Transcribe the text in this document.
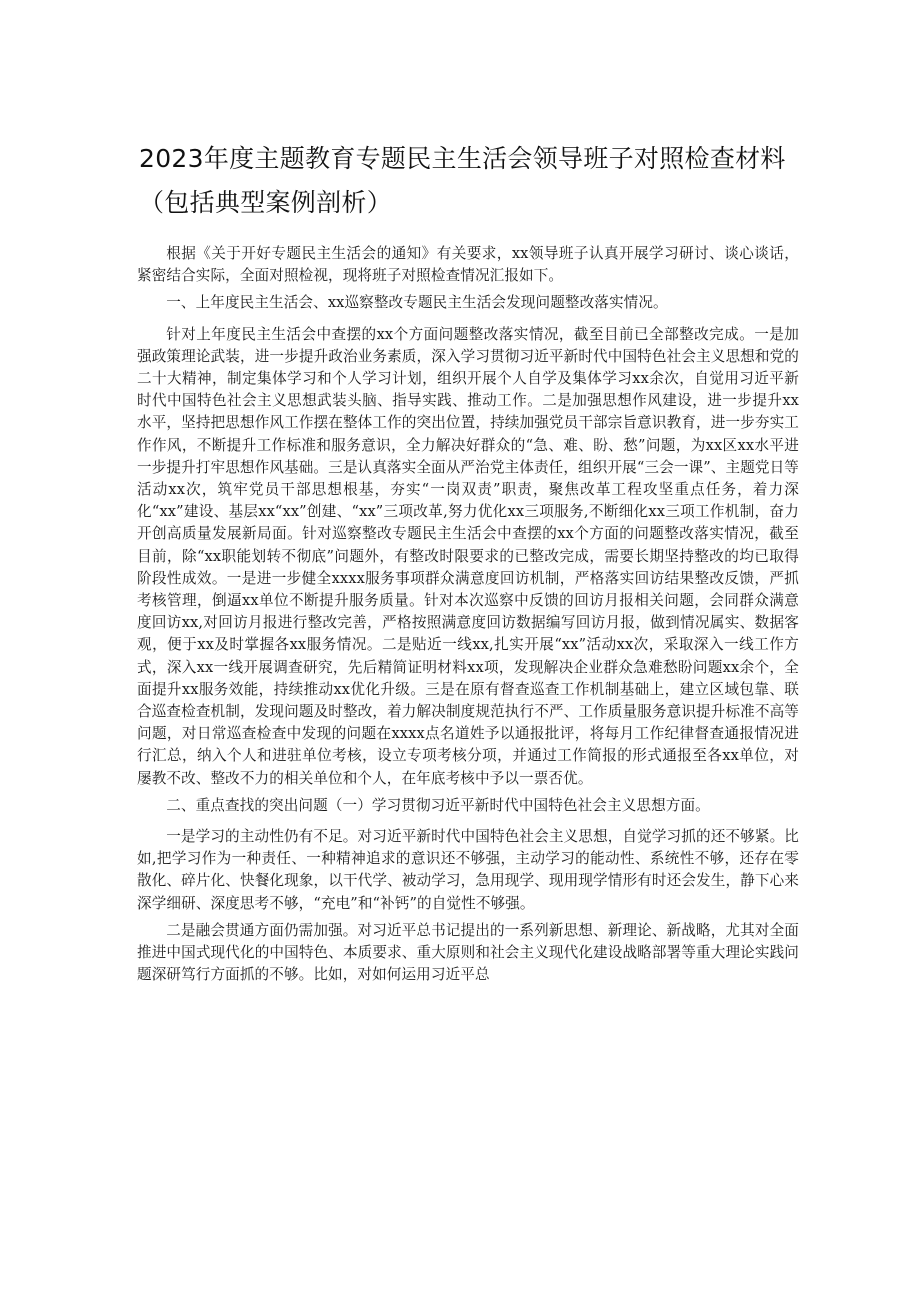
2023年度主题教育专题民主生活会领导班子对照检查材料（包括典型案例剖析）

根据《关于开好专题民主生活会的通知》有关要求，xx领导班子认真开展学习研讨、谈心谈话，紧密结合实际，全面对照检视，现将班子对照检查情况汇报如下。

一、上年度民主生活会、xx巡察整改专题民主生活会发现问题整改落实情况。

针对上年度民主生活会中查摆的xx个方面问题整改落实情况，截至目前已全部整改完成。一是加强政策理论武装，进一步提升政治业务素质，深入学习贯彻习近平新时代中国特色社会主义思想和党的二十大精神，制定集体学习和个人学习计划，组织开展个人自学及集体学习xx余次，自觉用习近平新时代中国特色社会主义思想武装头脑、指导实践、推动工作。二是加强思想作风建设，进一步提升xx水平，坚持把思想作风工作摆在整体工作的突出位置，持续加强党员干部宗旨意识教育，进一步夯实工作作风，不断提升工作标准和服务意识，全力解决好群众的“急、难、盼、愁”问题，为xx区xx水平进一步提升打牢思想作风基础。三是认真落实全面从严治党主体责任，组织开展“三会一课”、主题党日等活动xx次，筑牢党员干部思想根基，夯实“一岗双责”职责，聚焦改革工程攻坚重点任务，着力深化“xx”建设、基层xx“xx”创建、“xx”三项改革,努力优化xx三项服务,不断细化xx三项工作机制，奋力开创高质量发展新局面。针对巡察整改专题民主生活会中查摆的xx个方面的问题整改落实情况，截至目前，除“xx职能划转不彻底”问题外，有整改时限要求的已整改完成，需要长期坚持整改的均已取得阶段性成效。一是进一步健全xxxx服务事项群众满意度回访机制，严格落实回访结果整改反馈，严抓考核管理，倒逼xx单位不断提升服务质量。针对本次巡察中反馈的回访月报相关问题，会同群众满意度回访xx,对回访月报进行整改完善，严格按照满意度回访数据编写回访月报，做到情况属实、数据客观，便于xx及时掌握各xx服务情况。二是贴近一线xx,扎实开展“xx”活动xx次，采取深入一线工作方式，深入xx一线开展调查研究，先后精简证明材料xx项，发现解决企业群众急难愁盼问题xx余个，全面提升xx服务效能，持续推动xx优化升级。三是在原有督查巡查工作机制基础上，建立区域包靠、联合巡查检查机制，发现问题及时整改，着力解决制度规范执行不严、工作质量服务意识提升标准不高等问题，对日常巡查检查中发现的问题在xxxx点名道姓予以通报批评，将每月工作纪律督查通报情况进行汇总，纳入个人和进驻单位考核，设立专项考核分项，并通过工作简报的形式通报至各xx单位，对屡教不改、整改不力的相关单位和个人，在年底考核中予以一票否优。

二、重点查找的突出问题（一）学习贯彻习近平新时代中国特色社会主义思想方面。

一是学习的主动性仍有不足。对习近平新时代中国特色社会主义思想，自觉学习抓的还不够紧。比如,把学习作为一种责任、一种精神追求的意识还不够强，主动学习的能动性、系统性不够，还存在零散化、碎片化、快餐化现象，以干代学、被动学习，急用现学、现用现学情形有时还会发生，静下心来深学细研、深度思考不够，“充电”和“补钙”的自觉性不够强。

二是融会贯通方面仍需加强。对习近平总书记提出的一系列新思想、新理论、新战略，尤其对全面推进中国式现代化的中国特色、本质要求、重大原则和社会主义现代化建设战略部署等重大理论实践问题深研笃行方面抓的不够。比如，对如何运用习近平总
